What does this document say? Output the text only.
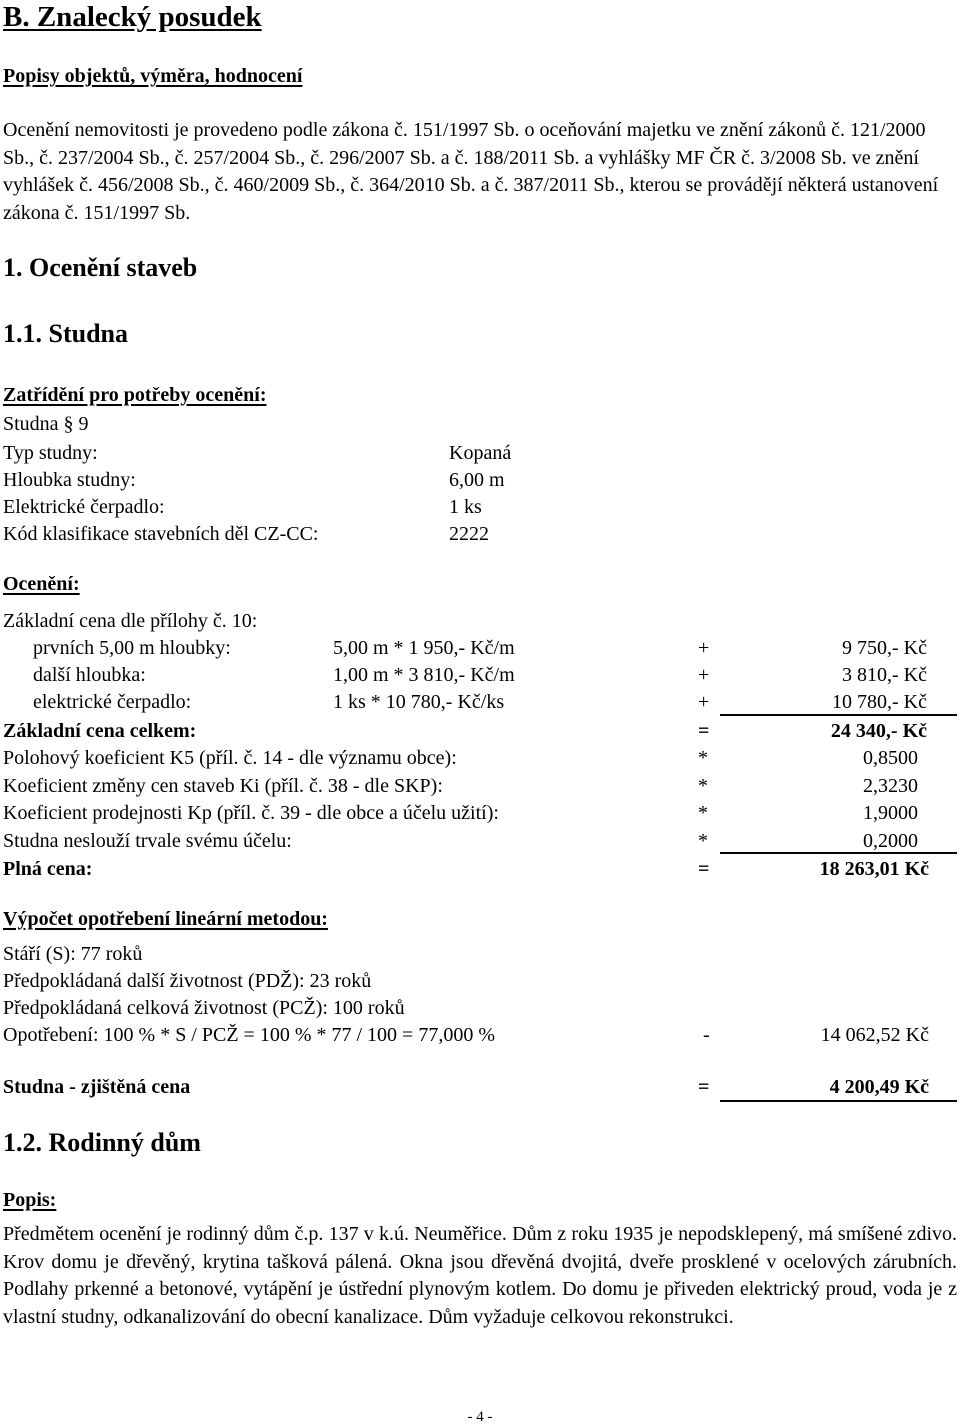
B. Znalecký posudek
Popisy objektů, výměra, hodnocení
Ocenění nemovitosti je provedeno podle zákona č. 151/1997 Sb. o oceňování majetku ve znění zákonů č. 121/2000 Sb., č. 237/2004 Sb., č. 257/2004 Sb., č. 296/2007 Sb. a č. 188/2011 Sb. a vyhlášky MF ČR č. 3/2008 Sb. ve znění vyhlášek č. 456/2008 Sb., č. 460/2009 Sb., č. 364/2010 Sb. a č. 387/2011 Sb., kterou se provádějí některá ustanovení zákona č. 151/1997 Sb.
1. Ocenění staveb
1.1. Studna
Zatřídění pro potřeby ocenění:
Studna § 9
Typ studny:	Kopaná
Hloubka studny:	6,00 m
Elektrické čerpadlo:	1 ks
Kód klasifikace stavebních děl CZ-CC:	2222
Ocenění:
Základní cena dle přílohy č. 10:
prvních 5,00 m hloubky:	5,00 m * 1 950,- Kč/m	+	9 750,- Kč
další hloubka:	1,00 m * 3 810,- Kč/m	+	3 810,- Kč
elektrické čerpadlo:	1 ks * 10 780,- Kč/ks	+	10 780,- Kč
Základní cena celkem:	=	24 340,- Kč
Polohový koeficient K5 (příl. č. 14 - dle významu obce):	*	0,8500
Koeficient změny cen staveb Ki (příl. č. 38 - dle SKP):	*	2,3230
Koeficient prodejnosti Kp (příl. č. 39 - dle obce a účelu užití):	*	1,9000
Studna neslouží trvale svému účelu:	*	0,2000
Plná cena:	=	18 263,01 Kč
Výpočet opotřebení lineární metodou:
Stáří (S): 77 roků
Předpokládaná další životnost (PDŽ): 23 roků
Předpokládaná celková životnost (PCŽ): 100 roků
Opotřebení: 100 % * S / PCŽ = 100 % * 77 / 100 = 77,000 %	-	14 062,52 Kč
Studna - zjištěná cena	=	4 200,49 Kč
1.2. Rodinný dům
Popis:
Předmětem ocenění je rodinný dům č.p. 137 v k.ú. Neuměřice. Dům z roku 1935 je nepodsklepený, má smíšené zdivo. Krov domu je dřevěný, krytina tašková pálená. Okna jsou dřevěná dvojitá, dveře prosklené v ocelových zárubních. Podlahy prkenné a betonové, vytápění je ústřední plynovým kotlem. Do domu je přiveden elektrický proud, voda je z vlastní studny, odkanalizování do obecní kanalizace. Dům vyžaduje celkovou rekonstrukci.
- 4 -
